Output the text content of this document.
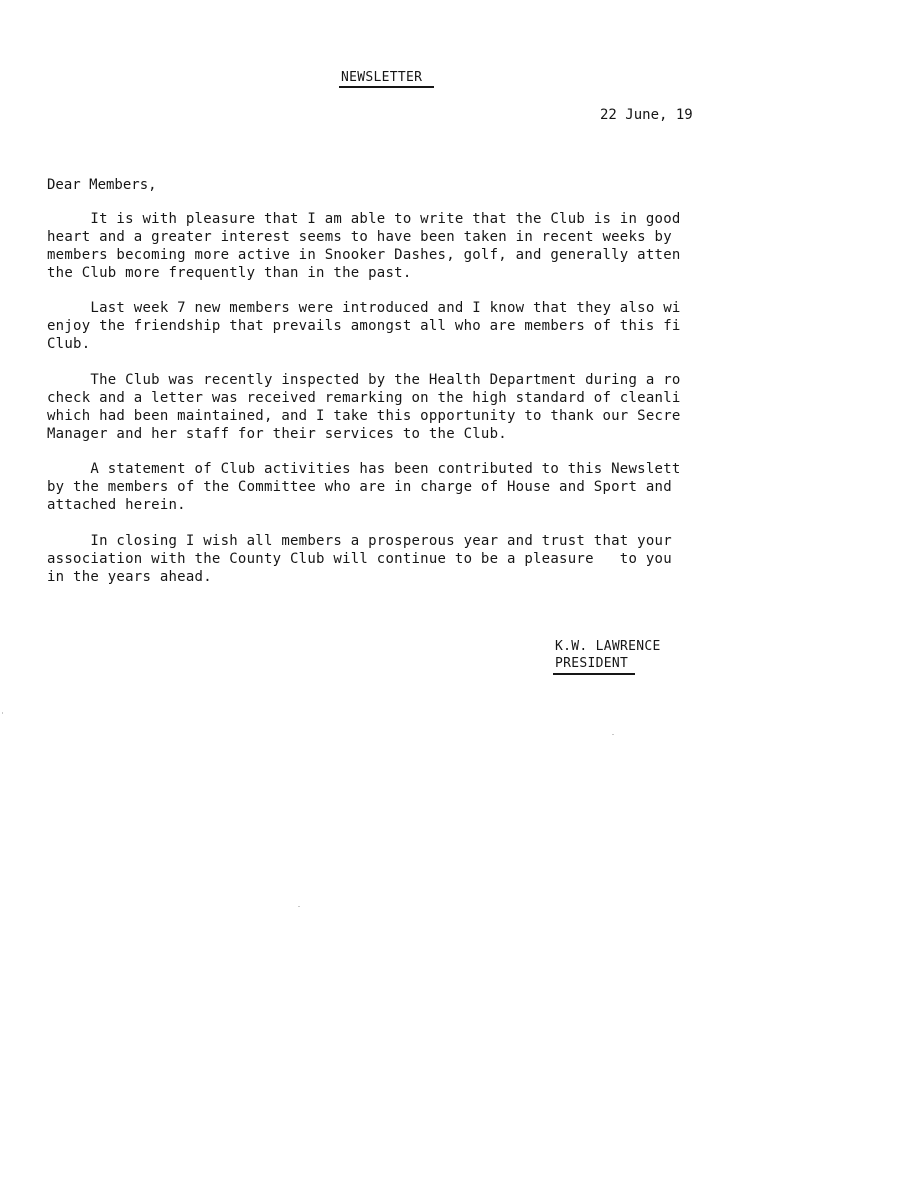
NEWSLETTER
22 June, 19
Dear Members,
It is with pleasure that I am able to write that the Club is in good
heart and a greater interest seems to have been taken in recent weeks by
members becoming more active in Snooker Dashes, golf, and generally atten
the Club more frequently than in the past.
Last week 7 new members were introduced and I know that they also wi
enjoy the friendship that prevails amongst all who are members of this fi
Club.
The Club was recently inspected by the Health Department during a ro
check and a letter was received remarking on the high standard of cleanli
which had been maintained, and I take this opportunity to thank our Secre
Manager and her staff for their services to the Club.
A statement of Club activities has been contributed to this Newslett
by the members of the Committee who are in charge of House and Sport and
attached herein.
In closing I wish all members a prosperous year and trust that your
association with the County Club will continue to be a pleasure   to you
in the years ahead.
K.W. LAWRENCE
PRESIDENT
